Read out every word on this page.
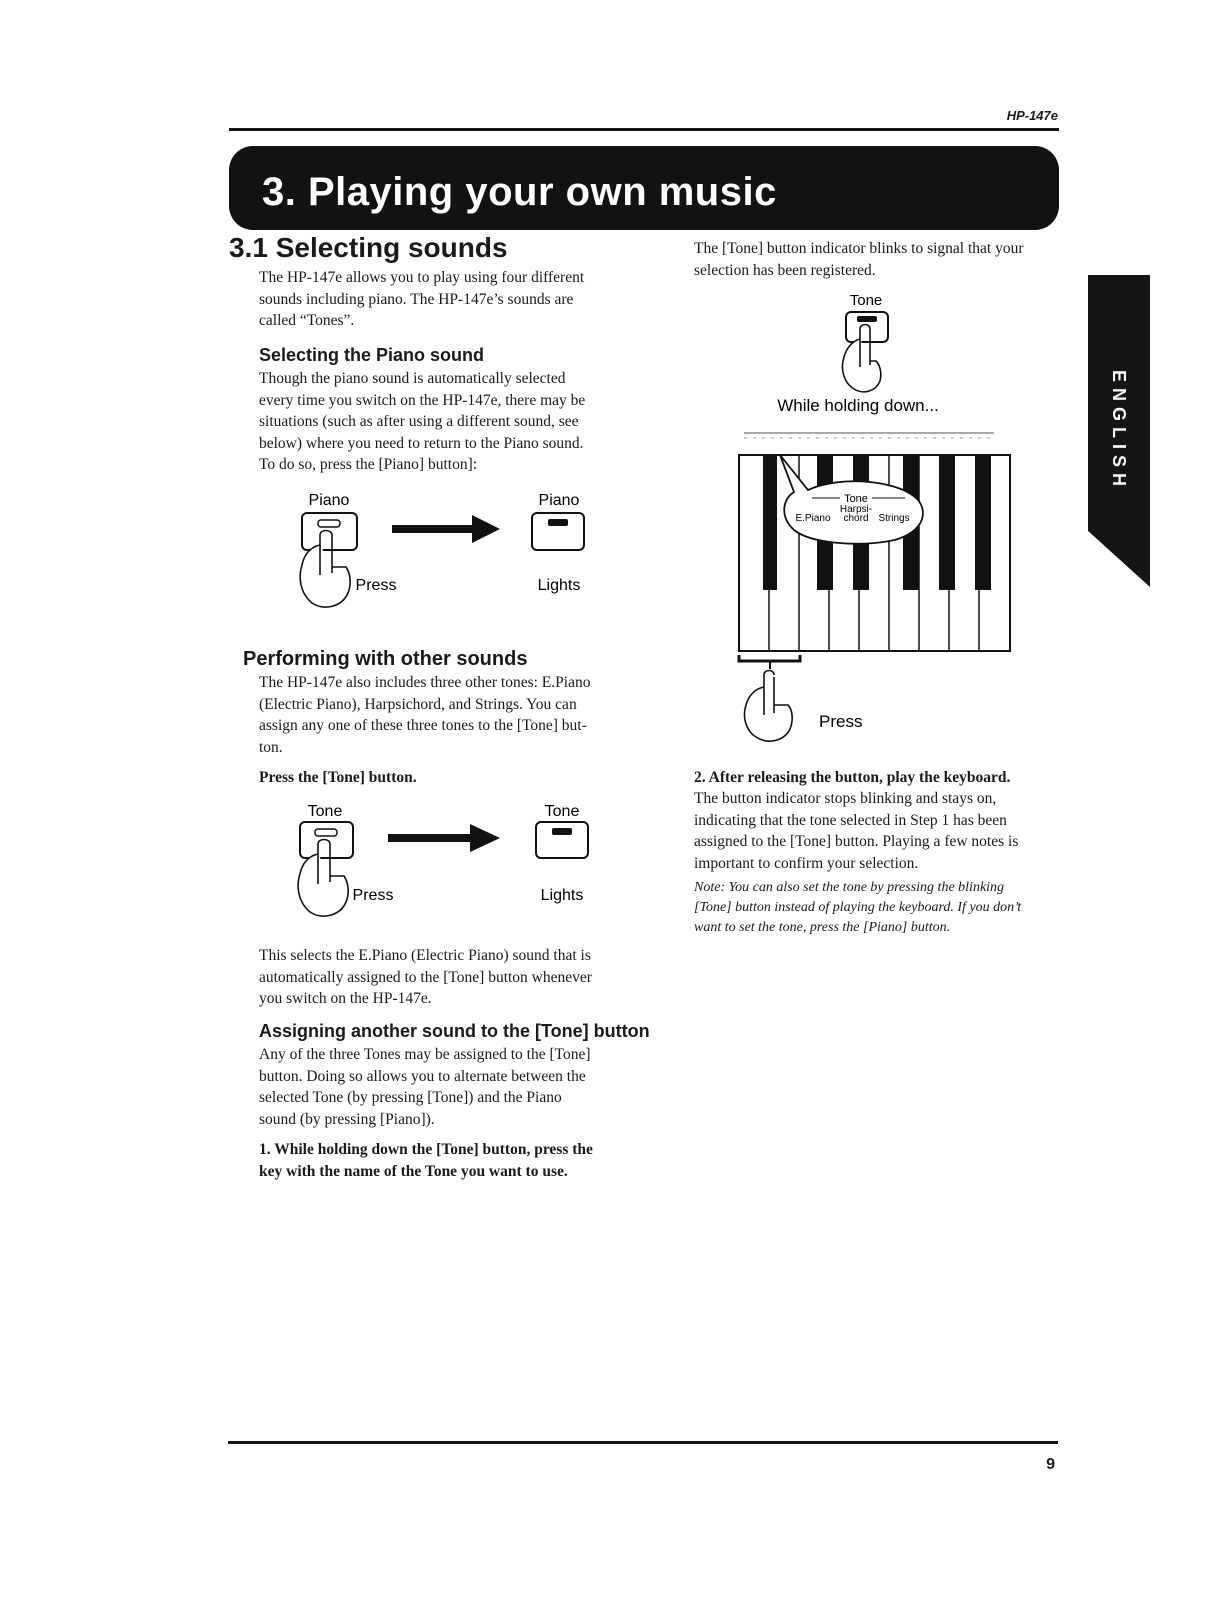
HP-147e
3. Playing your own music
3.1 Selecting sounds
The HP-147e allows you to play using four different
sounds including piano. The HP-147e’s sounds are
called “Tones”.
Selecting the Piano sound
Though the piano sound is automatically selected
every time you switch on the HP-147e, there may be
situations (such as after using a different sound, see
below) where you need to return to the Piano sound.
To do so, press the [Piano] button]:
Piano	Piano
Press	Lights
Performing with other sounds
The HP-147e also includes three other tones: E.Piano
(Electric Piano), Harpsichord, and Strings. You can
assign any one of these three tones to the [Tone] but-
ton.
Press the [Tone] button.
Tone	Tone
Press	Lights
This selects the E.Piano (Electric Piano) sound that is
automatically assigned to the [Tone] button whenever
you switch on the HP-147e.
Assigning another sound to the [Tone] button
Any of the three Tones may be assigned to the [Tone]
button. Doing so allows you to alternate between the
selected Tone (by pressing [Tone]) and the Piano
sound (by pressing [Piano]).
1. While holding down the [Tone] button, press the
key with the name of the Tone you want to use.
The [Tone] button indicator blinks to signal that your
selection has been registered.
Tone
While holding down...
Tone
Harpsi-
chord
E.Piano	Strings
Press
2. After releasing the button, play the keyboard.
The button indicator stops blinking and stays on,
indicating that the tone selected in Step 1 has been
assigned to the [Tone] button. Playing a few notes is
important to confirm your selection.
Note: You can also set the tone by pressing the blinking
[Tone] button instead of playing the keyboard. If you don’t
want to set the tone, press the [Piano] button.
ENGLISH
9
